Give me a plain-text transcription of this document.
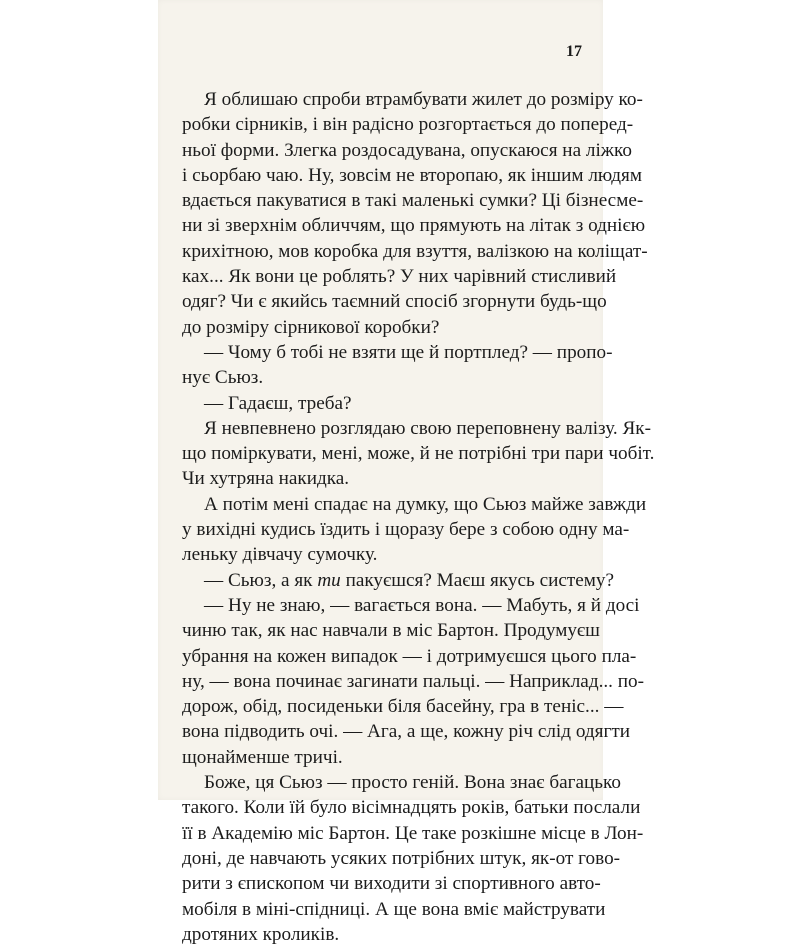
17
Я облишаю спроби втрамбувати жилет до розміру ко-
робки сірників, і він радісно розгортається до поперед-
ньої форми. Злегка роздосадувана, опускаюся на ліжко
і сьорбаю чаю. Ну, зовсім не второпаю, як іншим людям
вдається пакуватися в такі маленькі сумки? Ці бізнесме-
ни зі зверхнім обличчям, що прямують на літак з однією
крихітною, мов коробка для взуття, валізкою на коліщат-
ках... Як вони це роблять? У них чарівний стисливий
одяг? Чи є якийсь таємний спосіб згорнути будь-що
до розміру сірникової коробки?
— Чому б тобі не взяти ще й портплед? — пропо-
нує Сьюз.
— Гадаєш, треба?
Я невпевнено розглядаю свою переповнену валізу. Як-
що поміркувати, мені, може, й не потрібні три пари чобіт.
Чи хутряна накидка.
А потім мені спадає на думку, що Сьюз майже завжди
у вихідні кудись їздить і щоразу бере з собою одну ма-
леньку дівчачу сумочку.
— Сьюз, а як ти пакуєшся? Маєш якусь систему?
— Ну не знаю, — вагається вона. — Мабуть, я й досі
чиню так, як нас навчали в міс Бартон. Продумуєш
убрання на кожен випадок — і дотримуєшся цього пла-
ну, — вона починає загинати пальці. — Наприклад... по-
дорож, обід, посиденьки біля басейну, гра в теніс... —
вона підводить очі. — Ага, а ще, кожну річ слід одягти
щонайменше тричі.
Боже, ця Сьюз — просто геній. Вона знає багацько
такого. Коли їй було вісімнадцять років, батьки послали
її в Академію міс Бартон. Це таке розкішне місце в Лон-
доні, де навчають усяких потрібних штук, як-от гово-
рити з єпископом чи виходити зі спортивного авто-
мобіля в міні-спідниці. А ще вона вміє майструвати
дротяних кроликів.
